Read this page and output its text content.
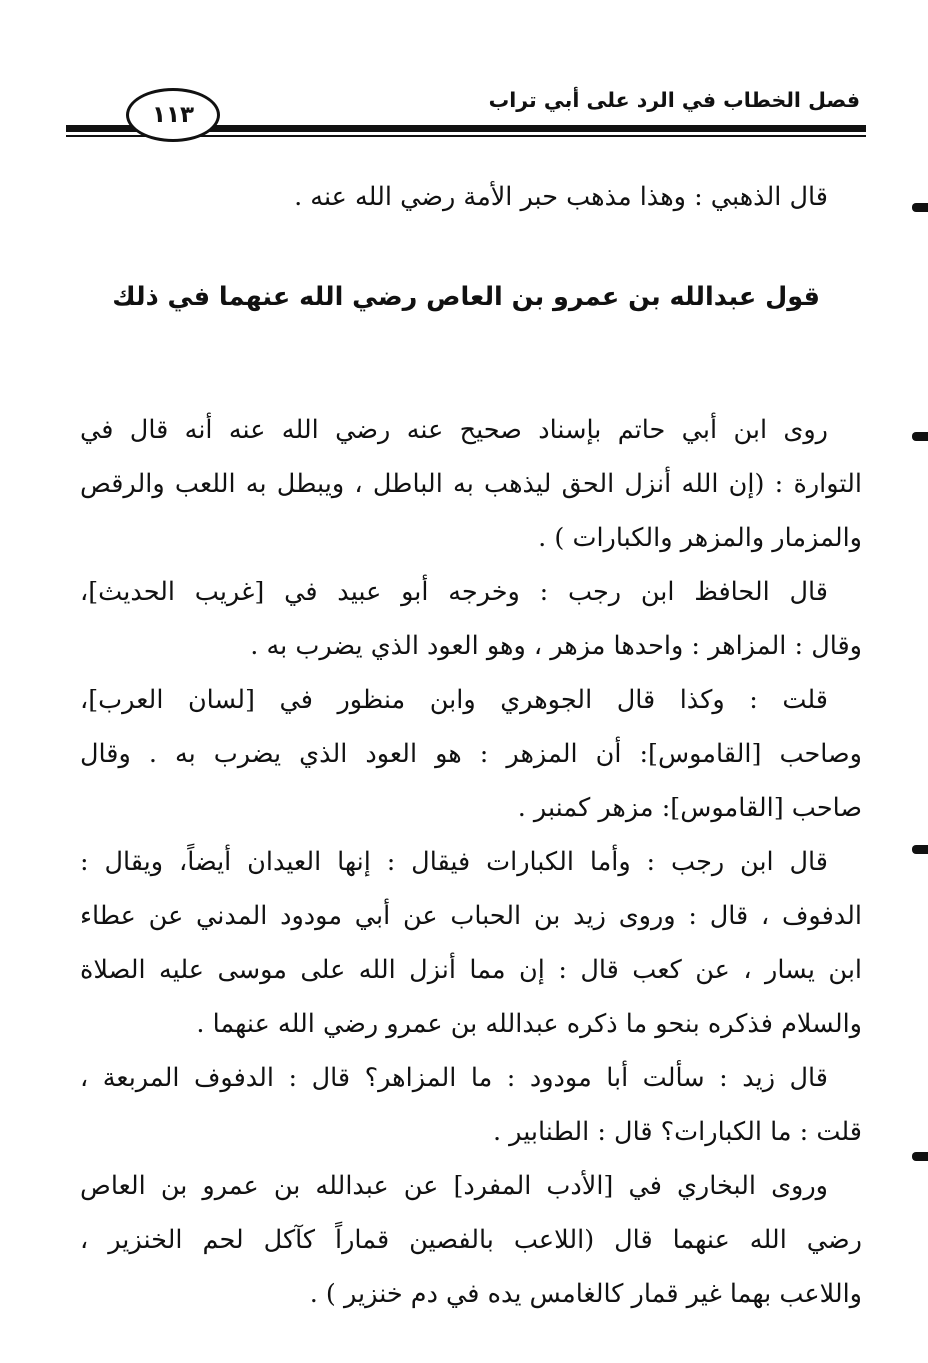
فصل الخطاب في الرد على أبي تراب
١١٣
قال الذهبي : وهذا مذهب حبر الأمة رضي الله عنه .
قول عبدالله بن عمرو بن العاص رضي الله عنهما في ذلك
روى ابن أبي حاتم بإسناد صحيح عنه رضي الله عنه أنه قال في
التوارة : (إن الله أنزل الحق ليذهب به الباطل ، ويبطل به اللعب والرقص
والمزمار والمزهر والكبارات ) .
قال الحافظ ابن رجب : وخرجه أبو عبيد في [غريب الحديث]،
وقال : المزاهر : واحدها مزهر ، وهو العود الذي يضرب به .
قلت : وكذا قال الجوهري وابن منظور في [لسان العرب]،
وصاحب [القاموس]: أن المزهر : هو العود الذي يضرب به . وقال
صاحب [القاموس]: مزهر كمنبر .
قال ابن رجب : وأما الكبارات فيقال : إنها العيدان أيضاً، ويقال :
الدفوف ، قال : وروى زيد بن الحباب عن أبي مودود المدني عن عطاء
ابن يسار ، عن كعب قال : إن مما أنزل الله على موسى عليه الصلاة
والسلام فذكره بنحو ما ذكره عبدالله بن عمرو رضي الله عنهما .
قال زيد : سألت أبا مودود : ما المزاهر؟ قال : الدفوف المربعة ،
قلت : ما الكبارات؟ قال : الطنابير .
وروى البخاري في [الأدب المفرد] عن عبدالله بن عمرو بن العاص
رضي الله عنهما قال (اللاعب بالفصين قماراً كآكل لحم الخنزير ،
واللاعب بهما غير قمار كالغامس يده في دم خنزير ) .
